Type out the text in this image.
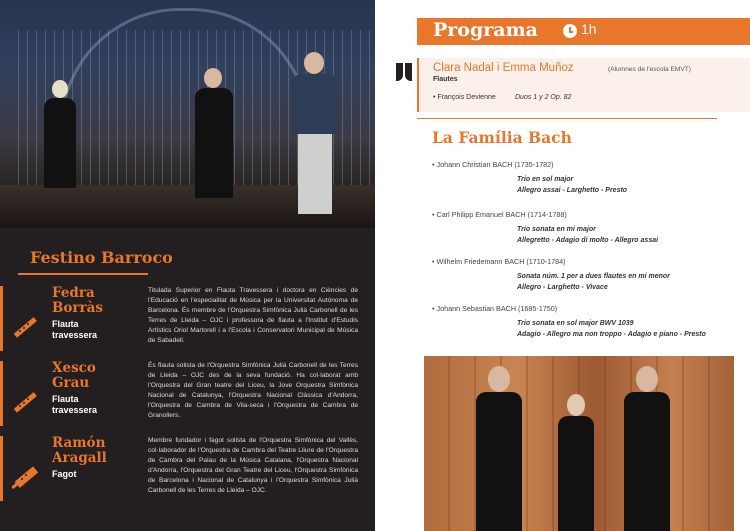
Festino Barroco
Fedra
Borràs
Flauta
travessera
Titulada Superior en Flauta Travessera i doctora en Ciències de l'Educació en l'especialitat de Música per la Universitat Autònoma de Barcelona. És membre de l'Orquestra Simfònica Julià Carbonell de les Terres de Lleida – OJC i professora de flauta a l'Institut d'Estudis Artístics Oriol Martorell i a l'Escola i Conservatori Municipal de Música de Sabadell.
Xesco
Grau
Flauta
travessera
És flauta solista de l'Orquestra Simfònica Julià Carbonell de les Terres de Lleida – OJC des de la seva fundació. Ha col·laborat amb l'Orquestra del Gran teatre del Liceu, la Jove Orquestra Simfònica Nacional de Catalunya, l'Orquestra Nacional Clàssica d'Andorra, l'Orquestra de Cambra de Vila-seca i l'Orquestra de Cambra de Granollers.
Ramón
Aragall
Fagot
Membre fundador i fagot solista de l'Orquestra Simfònica del Vallès, col·laborador de l'Orquestra de Cambra del Teatre Lliure de l'Orquestra de Cambra del Palau de la Música Catalana, l'Orquestra Nacional d'Andorra, l'Orquestra del Gran Teatre del Liceu, l'Orquestra Simfònica de Barcelona i Nacional de Catalunya i l'Orquestra Simfònica Julià Carbonell de les Terres de Lleida – OJC.
Programa	1h
Clara Nadal i Emma Muñoz	(Alumnes de l'escola EMVT)
Flautes
• François Devienne	Duos 1 y 2 Op. 82
La Família Bach
• Johann Christian BACH (1735-1782)
Trio en sol major
Allegro assai - Larghetto - Presto
• Carl Philipp Emanuel BACH (1714-1788)
Trio sonata en mi major
Allegretto - Adagio di molto - Allegro assai
• Wilhelm Friedemann BACH (1710-1784)
Sonata núm. 1 per a dues flautes en mi menor
Allegro - Larghetto - Vivace
• Johann Sebastian BACH (1685-1750)
Trio sonata en sol major BWV 1039
Adagio - Allegro ma non troppo - Adagio e piano - Presto
